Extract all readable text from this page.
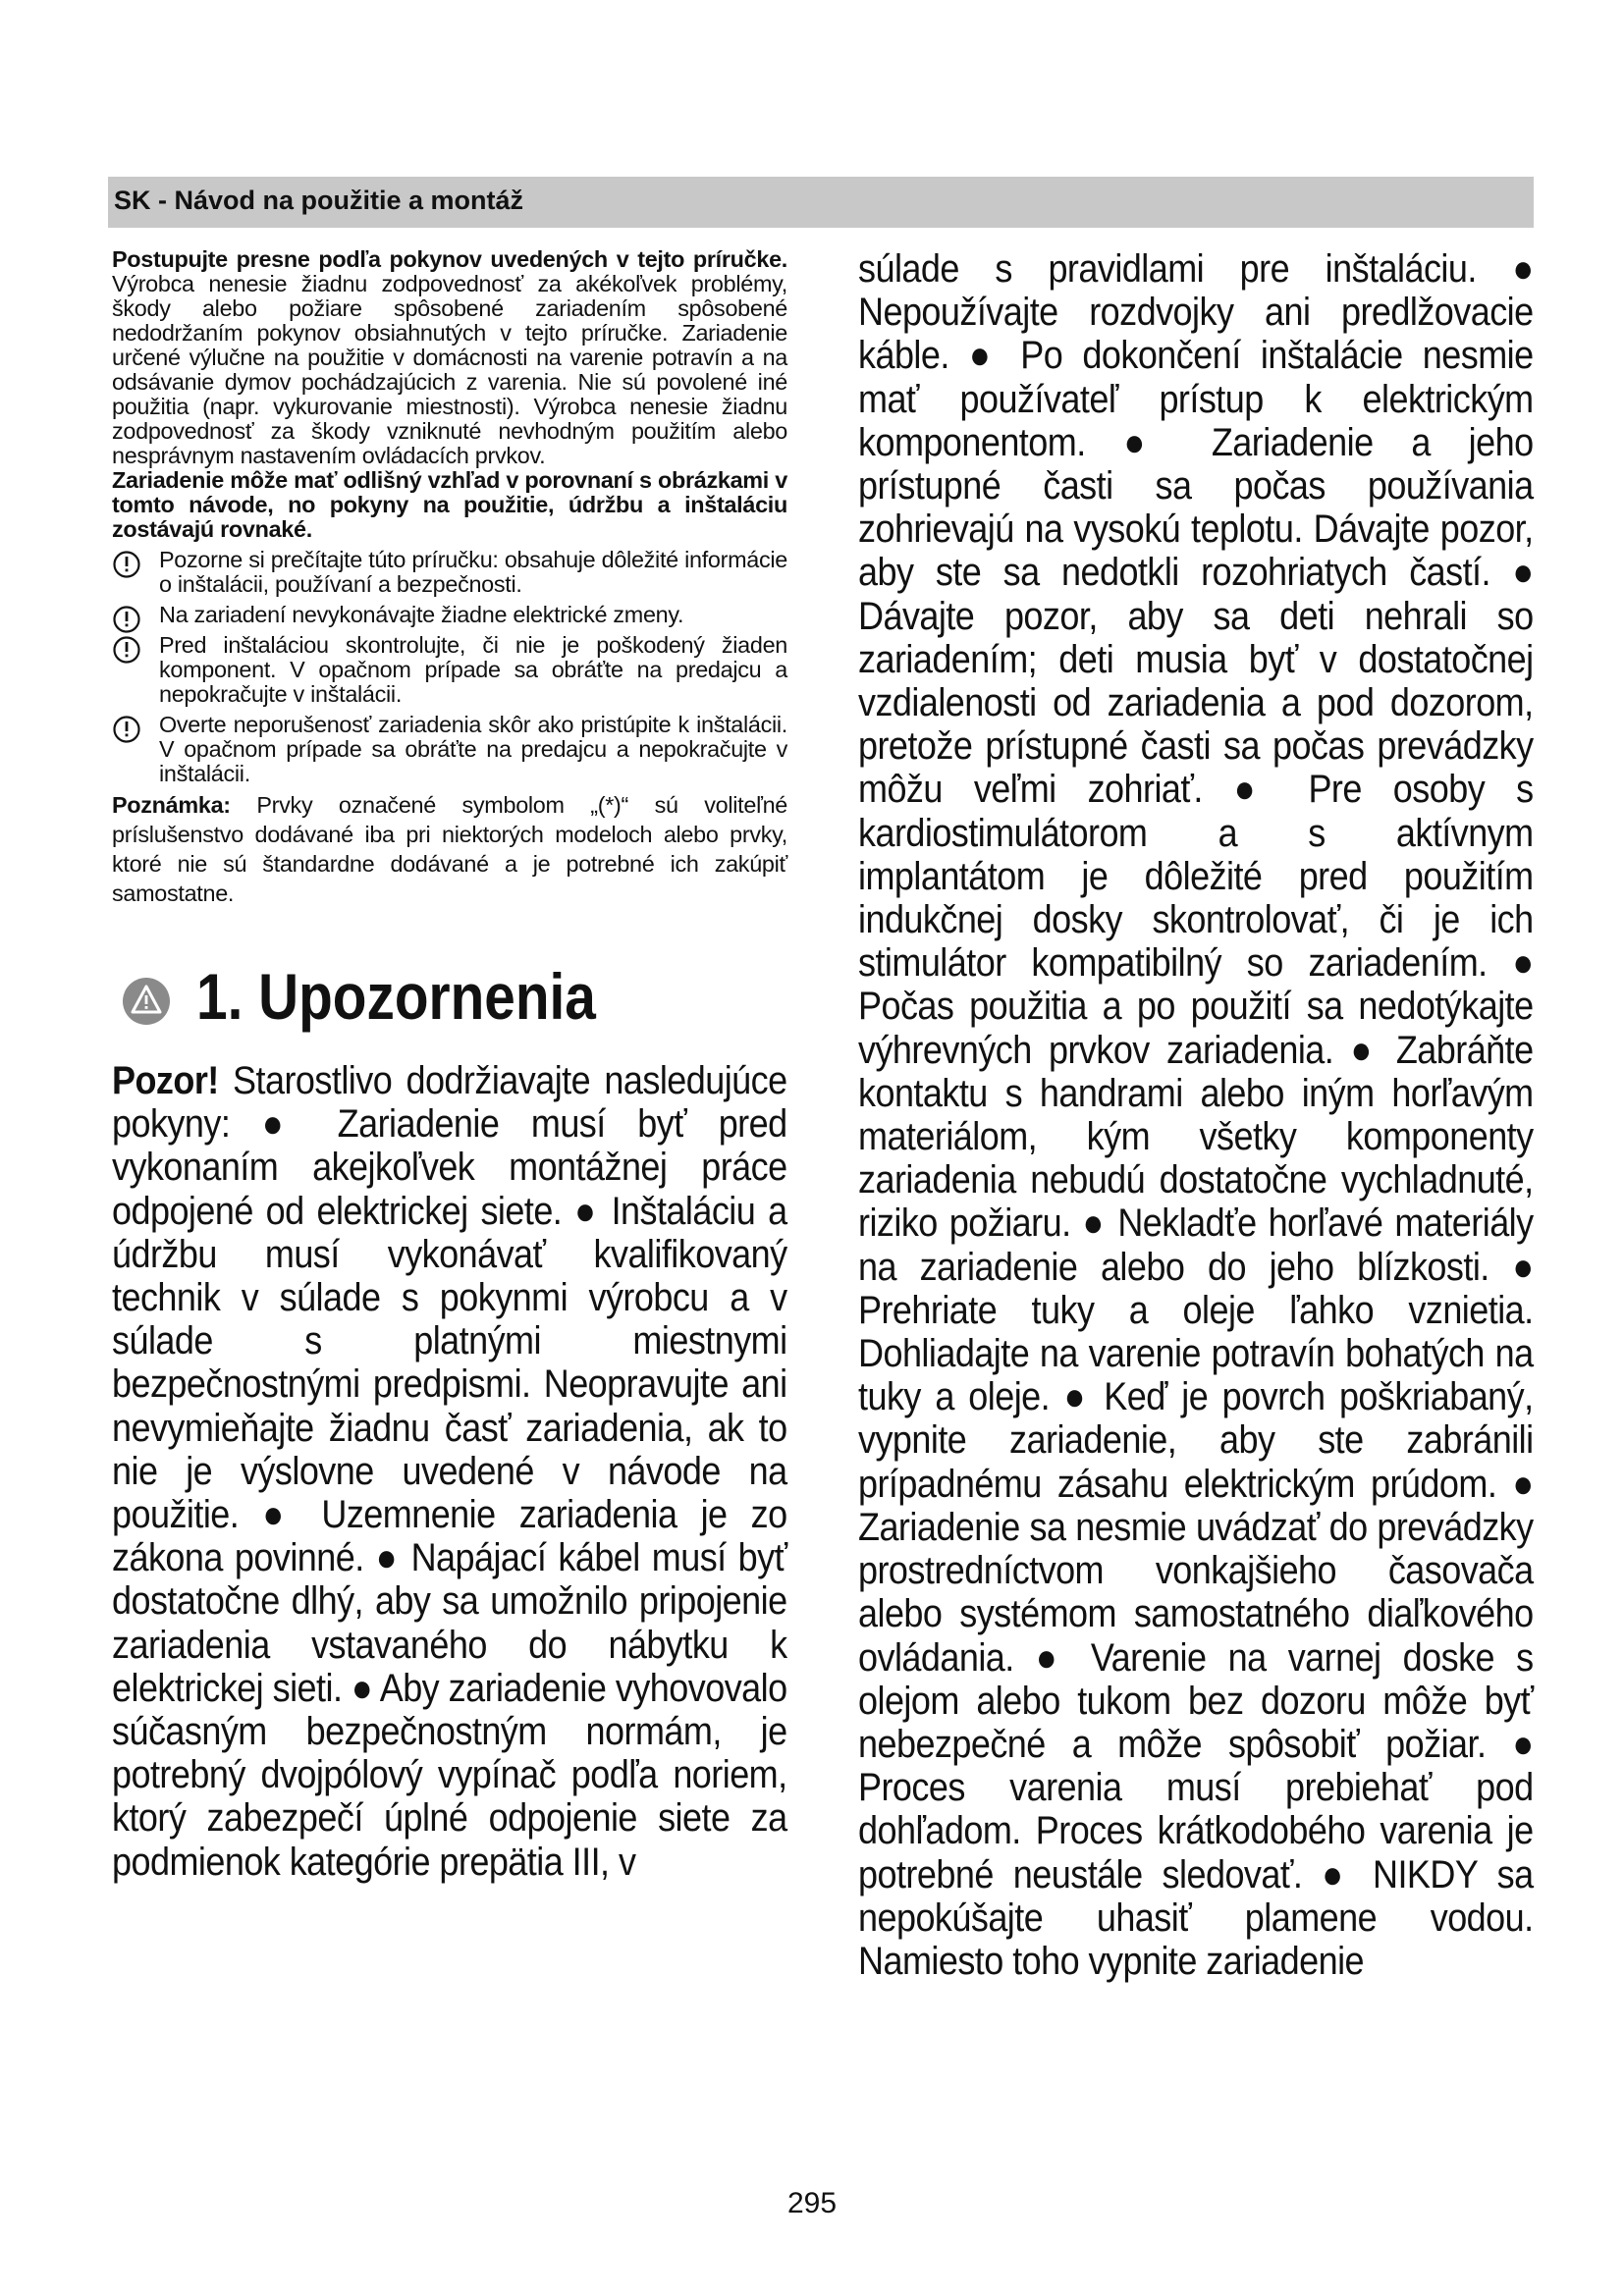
SK - Návod na použitie a montáž

Postupujte presne podľa pokynov uvedených v tejto príručke. Výrobca nenesie žiadnu zodpovednosť za akékoľvek problémy, škody alebo požiare spôsobené zariadením spôsobené nedodržaním pokynov obsiahnutých v tejto príručke. Zariadenie určené výlučne na použitie v domácnosti na varenie potravín a na odsávanie dymov pochádzajúcich z varenia. Nie sú povolené iné použitia (napr. vykurovanie miestnosti). Výrobca nenesie žiadnu zodpovednosť za škody vzniknuté nevhodným použitím alebo nesprávnym nastavením ovládacích prvkov.

Zariadenie môže mať odlišný vzhľad v porovnaní s obrázkami v tomto návode, no pokyny na použitie, údržbu a inštaláciu zostávajú rovnaké.

Pozorne si prečítajte túto príručku: obsahuje dôležité informácie o inštalácii, používaní a bezpečnosti.

Na zariadení nevykonávajte žiadne elektrické zmeny.

Pred inštaláciou skontrolujte, či nie je poškodený žiaden komponent. V opačnom prípade sa obráťte na predajcu a nepokračujte v inštalácii.

Overte neporušenosť zariadenia skôr ako pristúpite k inštalácii. V opačnom prípade sa obráťte na predajcu a nepokračujte v inštalácii.

Poznámka: Prvky označené symbolom „(*)“ sú voliteľné príslušenstvo dodávané iba pri niektorých modeloch alebo prvky, ktoré nie sú štandardne dodávané a je potrebné ich zakúpiť samostatne.

1. Upozornenia

Pozor! Starostlivo dodržiavajte nasledujúce pokyny: ● Zariadenie musí byť pred vykonaním akejkoľvek montážnej práce odpojené od elektrickej siete. ● Inštaláciu a údržbu musí vykonávať kvalifikovaný technik v súlade s pokynmi výrobcu a v súlade s platnými miestnymi bezpečnostnými predpismi. Neopravujte ani nevymieňajte žiadnu časť zariadenia, ak to nie je výslovne uvedené v návode na použitie. ● Uzemnenie zariadenia je zo zákona povinné. ● Napájací kábel musí byť dostatočne dlhý, aby sa umožnilo pripojenie zariadenia vstavaného do nábytku k elektrickej sieti. ● Aby zariadenie vyhovovalo súčasným bezpečnostným normám, je potrebný dvojpólový vypínač podľa noriem, ktorý zabezpečí úplné odpojenie siete za podmienok kategórie prepätia III, v

súlade s pravidlami pre inštaláciu. ● Nepoužívajte rozdvojky ani predlžovacie káble. ● Po dokončení inštalácie nesmie mať používateľ prístup k elektrickým komponentom. ● Zariadenie a jeho prístupné časti sa počas používania zohrievajú na vysokú teplotu. Dávajte pozor, aby ste sa nedotkli rozohriatych častí. ● Dávajte pozor, aby sa deti nehrali so zariadením; deti musia byť v dostatočnej vzdialenosti od zariadenia a pod dozorom, pretože prístupné časti sa počas prevádzky môžu veľmi zohriať. ● Pre osoby s kardiostimulátorom a s aktívnym implantátom je dôležité pred použitím indukčnej dosky skontrolovať, či je ich stimulátor kompatibilný so zariadením. ● Počas použitia a po použití sa nedotýkajte výhrevných prvkov zariadenia. ● Zabráňte kontaktu s handrami alebo iným horľavým materiálom, kým všetky komponenty zariadenia nebudú dostatočne vychladnuté, riziko požiaru. ● Nekladťe horľavé materiály na zariadenie alebo do jeho blízkosti. ● Prehriate tuky a oleje ľahko vznietia. Dohliadajte na varenie potravín bohatých na tuky a oleje. ● Keď je povrch poškriabaný, vypnite zariadenie, aby ste zabránili prípadnému zásahu elektrickým prúdom. ● Zariadenie sa nesmie uvádzať do prevádzky prostredníctvom vonkajšieho časovača alebo systémom samostatného diaľkového ovládania. ● Varenie na varnej doske s olejom alebo tukom bez dozoru môže byť nebezpečné a môže spôsobiť požiar. ● Proces varenia musí prebiehať pod dohľadom. Proces krátkodobého varenia je potrebné neustále sledovať. ● NIKDY sa nepokúšajte uhasiť plamene vodou. Namiesto toho vypnite zariadenie

295
